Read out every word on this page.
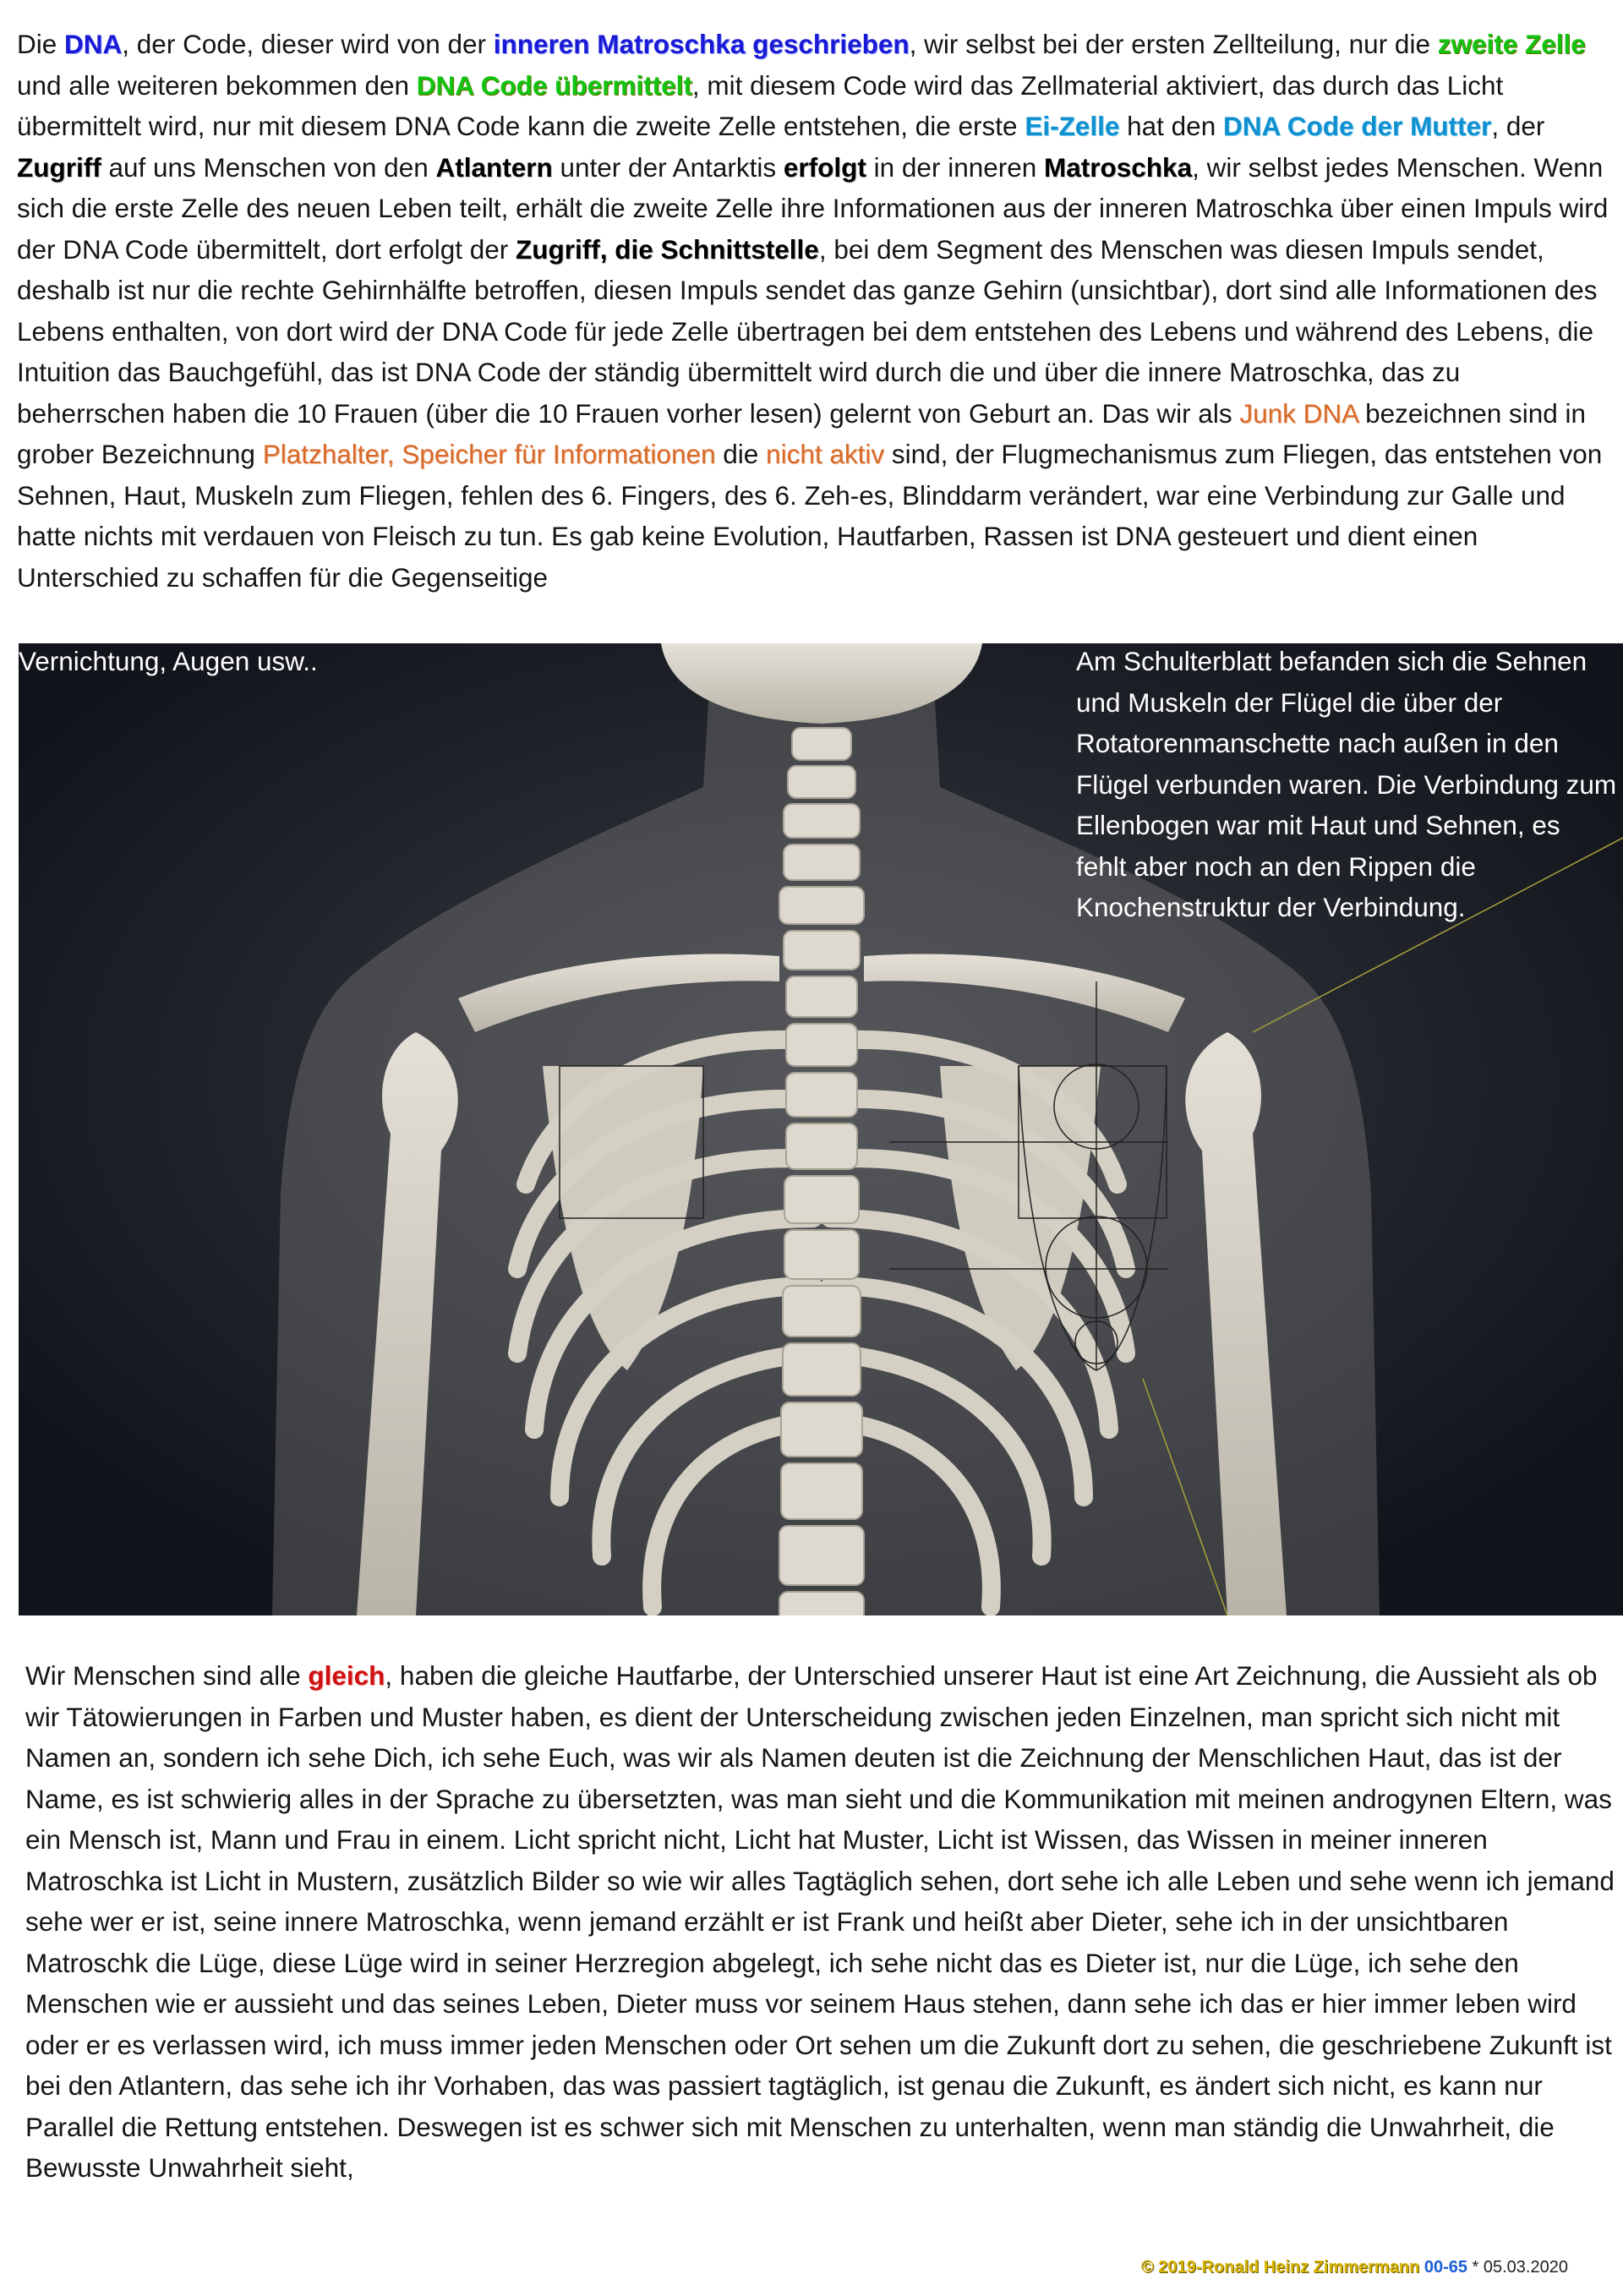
Die DNA, der Code, dieser wird von der inneren Matroschka geschrieben, wir selbst bei der ersten Zellteilung, nur die zweite Zelle und alle weiteren bekommen den DNA Code übermittelt, mit diesem Code wird das Zellmaterial aktiviert, das durch das Licht übermittelt wird, nur mit diesem DNA Code kann die zweite Zelle entstehen, die erste Ei-Zelle hat den DNA Code der Mutter, der Zugriff auf uns Menschen von den Atlantern unter der Antarktis erfolgt in der inneren Matroschka, wir selbst jedes Menschen. Wenn sich die erste Zelle des neuen Leben teilt, erhält die zweite Zelle ihre Informationen aus der inneren Matroschka über einen Impuls wird der DNA Code übermittelt, dort erfolgt der Zugriff, die Schnittstelle, bei dem Segment des Menschen was diesen Impuls sendet, deshalb ist nur die rechte Gehirnhälfte betroffen, diesen Impuls sendet das ganze Gehirn (unsichtbar), dort sind alle Informationen des Lebens enthalten, von dort wird der DNA Code für jede Zelle übertragen bei dem entstehen des Lebens und während des Lebens, die Intuition das Bauchgefühl, das ist DNA Code der ständig übermittelt wird durch die und über die innere Matroschka, das zu beherrschen haben die 10 Frauen (über die 10 Frauen vorher lesen) gelernt von Geburt an. Das wir als Junk DNA bezeichnen sind in grober Bezeichnung Platzhalter, Speicher für Informationen die nicht aktiv sind, der Flugmechanismus zum Fliegen, das entstehen von Sehnen, Haut, Muskeln zum Fliegen, fehlen des 6. Fingers, des 6. Zeh-es, Blinddarm verändert, war eine Verbindung zur Galle und hatte nichts mit verdauen von Fleisch zu tun. Es gab keine Evolution, Hautfarben, Rassen ist DNA gesteuert und dient einen Unterschied zu schaffen für die Gegenseitige

Vernichtung, Augen usw..	Am Schulterblatt befanden sich die Sehnen und Muskeln der Flügel die über der Rotatorenmanschette nach außen in den Flügel verbunden waren. Die Verbindung zum Ellenbogen war mit Haut und Sehnen, es fehlt aber noch an den Rippen die Knochenstruktur der Verbindung.

Wir Menschen sind alle gleich, haben die gleiche Hautfarbe, der Unterschied unserer Haut ist eine Art Zeichnung, die Aussieht als ob wir Tätowierungen in Farben und Muster haben, es dient der Unterscheidung zwischen jeden Einzelnen, man spricht sich nicht mit Namen an, sondern ich sehe Dich, ich sehe Euch, was wir als Namen deuten ist die Zeichnung der Menschlichen Haut, das ist der Name, es ist schwierig alles in der Sprache zu übersetzten, was man sieht und die Kommunikation mit meinen androgynen Eltern, was ein Mensch ist, Mann und Frau in einem. Licht spricht nicht, Licht hat Muster, Licht ist Wissen, das Wissen in meiner inneren Matroschka ist Licht in Mustern, zusätzlich Bilder so wie wir alles Tagtäglich sehen, dort sehe ich alle Leben und sehe wenn ich jemand sehe wer er ist, seine innere Matroschka, wenn jemand erzählt er ist Frank und heißt aber Dieter, sehe ich in der unsichtbaren Matroschk die Lüge, diese Lüge wird in seiner Herzregion abgelegt, ich sehe nicht das es Dieter ist, nur die Lüge, ich sehe den Menschen wie er aussieht und das seines Leben, Dieter muss vor seinem Haus stehen, dann sehe ich das er hier immer leben wird oder er es verlassen wird, ich muss immer jeden Menschen oder Ort sehen um die Zukunft dort zu sehen, die geschriebene Zukunft ist bei den Atlantern, das sehe ich ihr Vorhaben, das was passiert tagtäglich, ist genau die Zukunft, es ändert sich nicht, es kann nur Parallel die Rettung entstehen. Deswegen ist es schwer sich mit Menschen zu unterhalten, wenn man ständig die Unwahrheit, die Bewusste Unwahrheit sieht,

© 2019-Ronald Heinz Zimmermann 00-65 * 05.03.2020
